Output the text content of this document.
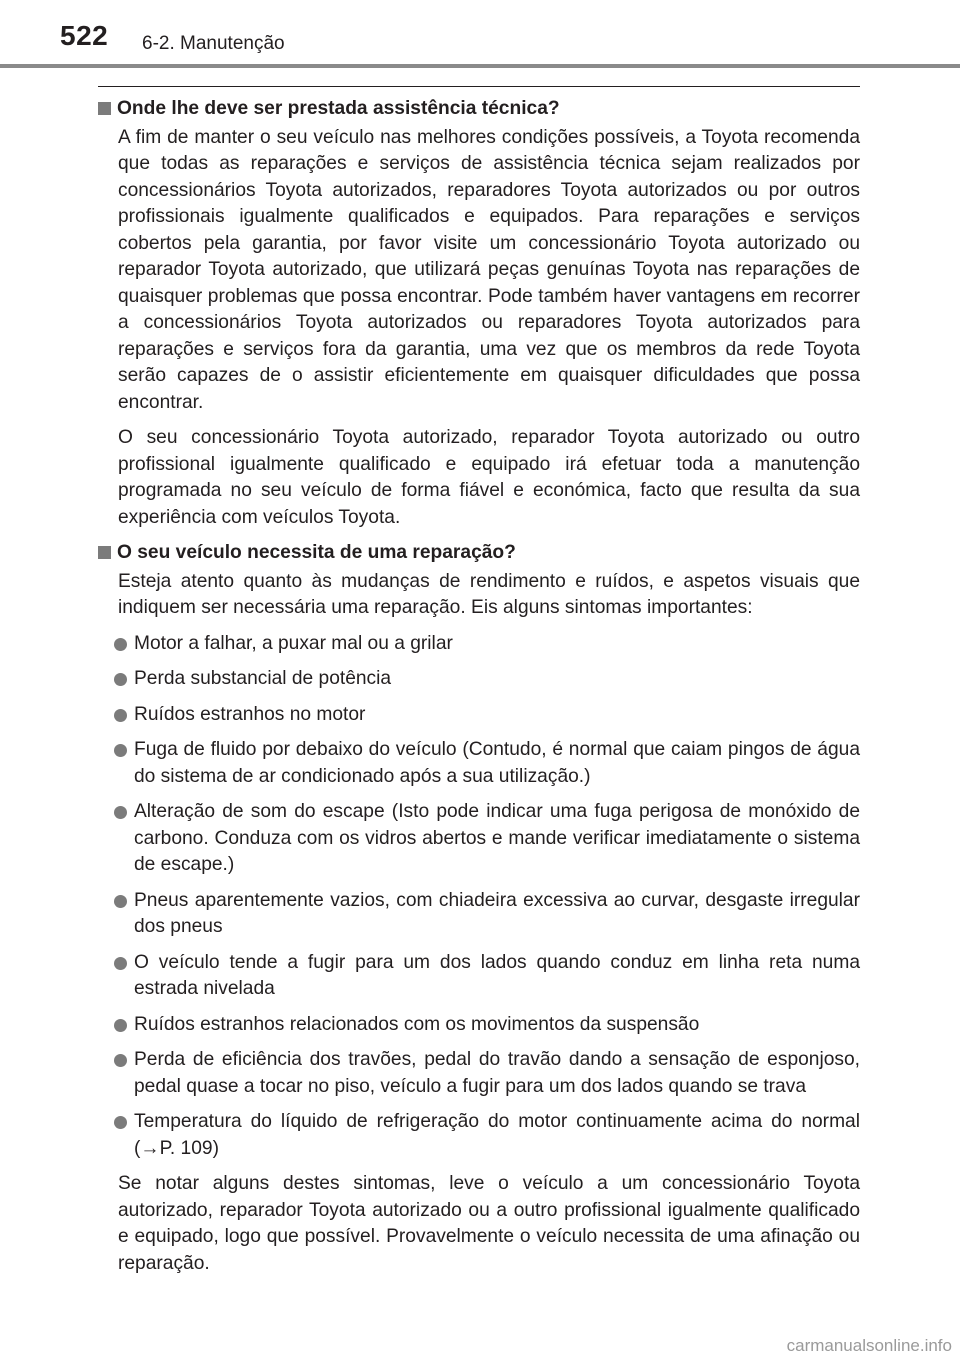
522 6-2. Manutenção
Onde lhe deve ser prestada assistência técnica?

A fim de manter o seu veículo nas melhores condições possíveis, a Toyota recomenda que todas as reparações e serviços de assistência técnica sejam realizados por concessionários Toyota autorizados, reparadores Toyota autorizados ou por outros profissionais igualmente qualificados e equipados. Para reparações e serviços cobertos pela garantia, por favor visite um concessionário Toyota autorizado ou reparador Toyota autorizado, que utilizará peças genuínas Toyota nas reparações de quaisquer problemas que possa encontrar. Pode também haver vantagens em recorrer a concessionários Toyota autorizados ou reparadores Toyota autorizados para reparações e serviços fora da garantia, uma vez que os membros da rede Toyota serão capazes de o assistir eficientemente em quaisquer dificuldades que possa encontrar.

O seu concessionário Toyota autorizado, reparador Toyota autorizado ou outro profissional igualmente qualificado e equipado irá efetuar toda a manutenção programada no seu veículo de forma fiável e económica, facto que resulta da sua experiência com veículos Toyota.

O seu veículo necessita de uma reparação?

Esteja atento quanto às mudanças de rendimento e ruídos, e aspetos visuais que indiquem ser necessária uma reparação. Eis alguns sintomas importantes:

Motor a falhar, a puxar mal ou a grilar
Perda substancial de potência
Ruídos estranhos no motor
Fuga de fluido por debaixo do veículo (Contudo, é normal que caiam pingos de água do sistema de ar condicionado após a sua utilização.)
Alteração de som do escape (Isto pode indicar uma fuga perigosa de monóxido de carbono. Conduza com os vidros abertos e mande verificar imediatamente o sistema de escape.)
Pneus aparentemente vazios, com chiadeira excessiva ao curvar, desgaste irregular dos pneus
O veículo tende a fugir para um dos lados quando conduz em linha reta numa estrada nivelada
Ruídos estranhos relacionados com os movimentos da suspensão
Perda de eficiência dos travões, pedal do travão dando a sensação de esponjoso, pedal quase a tocar no piso, veículo a fugir para um dos lados quando se trava
Temperatura do líquido de refrigeração do motor continuamente acima do normal (→P. 109)

Se notar alguns destes sintomas, leve o veículo a um concessionário Toyota autorizado, reparador Toyota autorizado ou a outro profissional igualmente qualificado e equipado, logo que possível. Provavelmente o veículo necessita de uma afinação ou reparação.

carmanualsonline.info
